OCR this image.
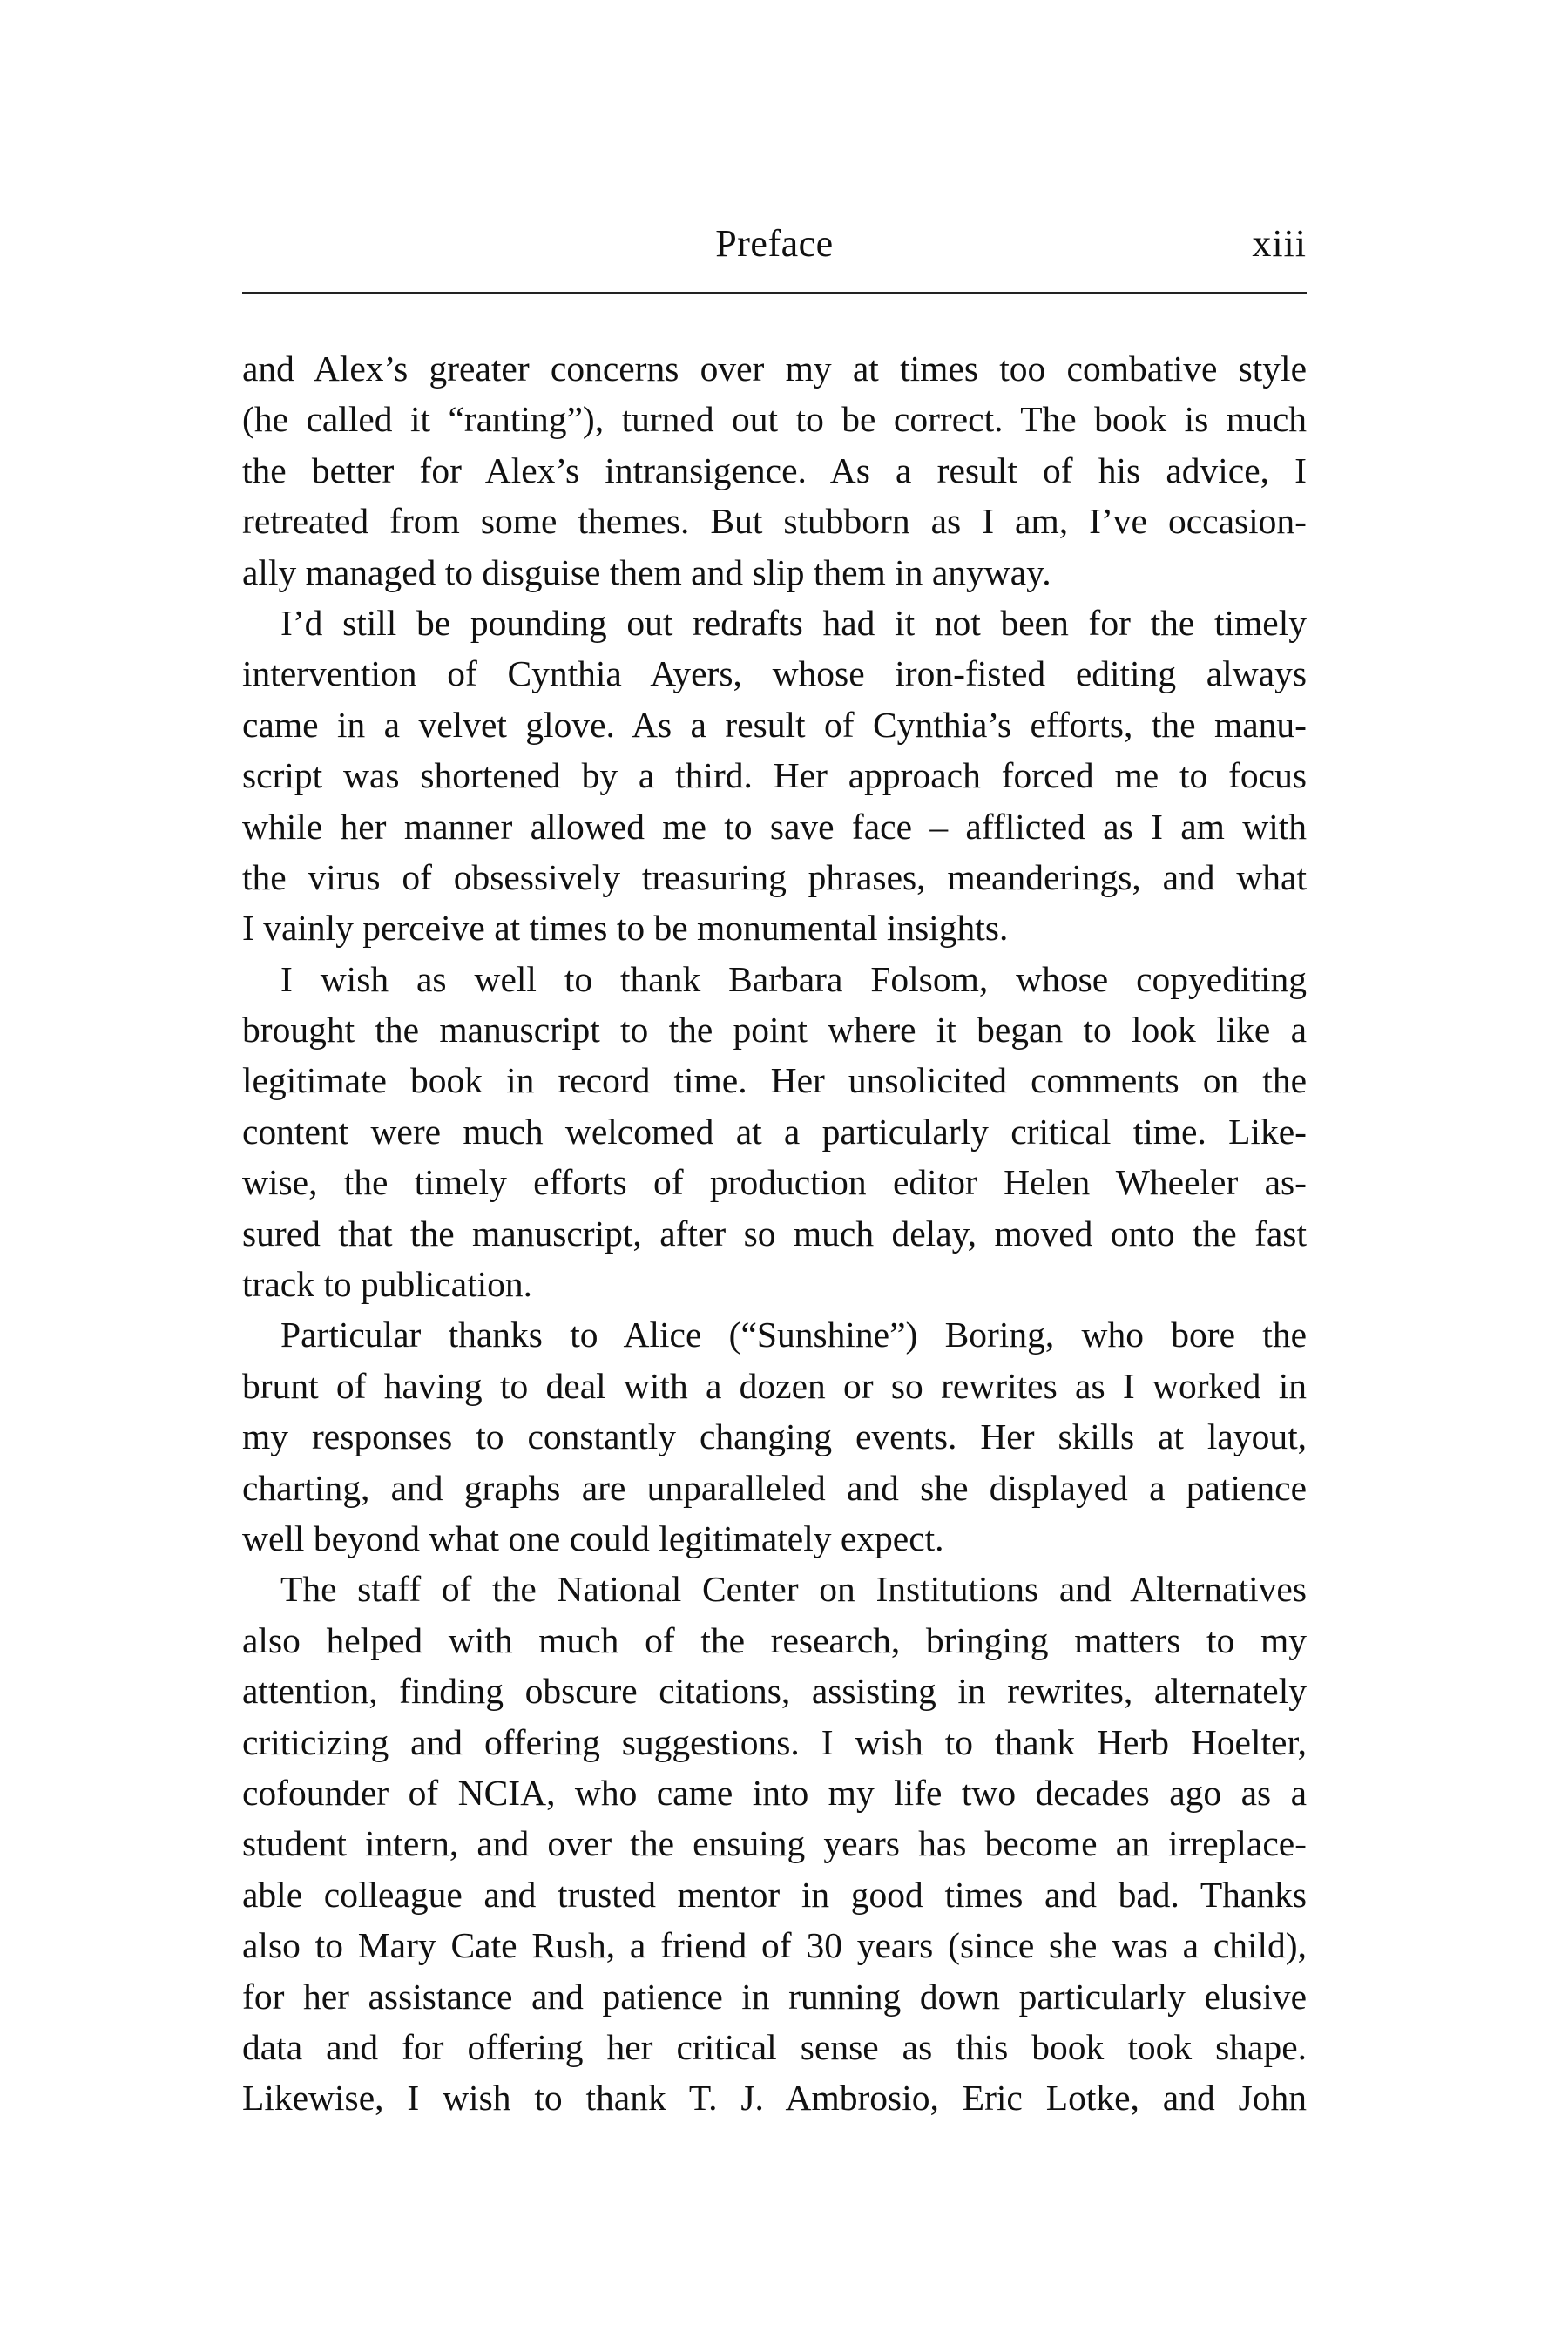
Preface	xiii
and Alex’s greater concerns over my at times too combative style
(he called it “ranting”), turned out to be correct. The book is much
the better for Alex’s intransigence. As a result of his advice, I
retreated from some themes. But stubborn as I am, I’ve occasion-
ally managed to disguise them and slip them in anyway.
I’d still be pounding out redrafts had it not been for the timely
intervention of Cynthia Ayers, whose iron-fisted editing always
came in a velvet glove. As a result of Cynthia’s efforts, the manu-
script was shortened by a third. Her approach forced me to focus
while her manner allowed me to save face – afflicted as I am with
the virus of obsessively treasuring phrases, meanderings, and what
I vainly perceive at times to be monumental insights.
I wish as well to thank Barbara Folsom, whose copyediting
brought the manuscript to the point where it began to look like a
legitimate book in record time. Her unsolicited comments on the
content were much welcomed at a particularly critical time. Like-
wise, the timely efforts of production editor Helen Wheeler as-
sured that the manuscript, after so much delay, moved onto the fast
track to publication.
Particular thanks to Alice (“Sunshine”) Boring, who bore the
brunt of having to deal with a dozen or so rewrites as I worked in
my responses to constantly changing events. Her skills at layout,
charting, and graphs are unparalleled and she displayed a patience
well beyond what one could legitimately expect.
The staff of the National Center on Institutions and Alternatives
also helped with much of the research, bringing matters to my
attention, finding obscure citations, assisting in rewrites, alternately
criticizing and offering suggestions. I wish to thank Herb Hoelter,
cofounder of NCIA, who came into my life two decades ago as a
student intern, and over the ensuing years has become an irreplace-
able colleague and trusted mentor in good times and bad. Thanks
also to Mary Cate Rush, a friend of 30 years (since she was a child),
for her assistance and patience in running down particularly elusive
data and for offering her critical sense as this book took shape.
Likewise, I wish to thank T. J. Ambrosio, Eric Lotke, and John
